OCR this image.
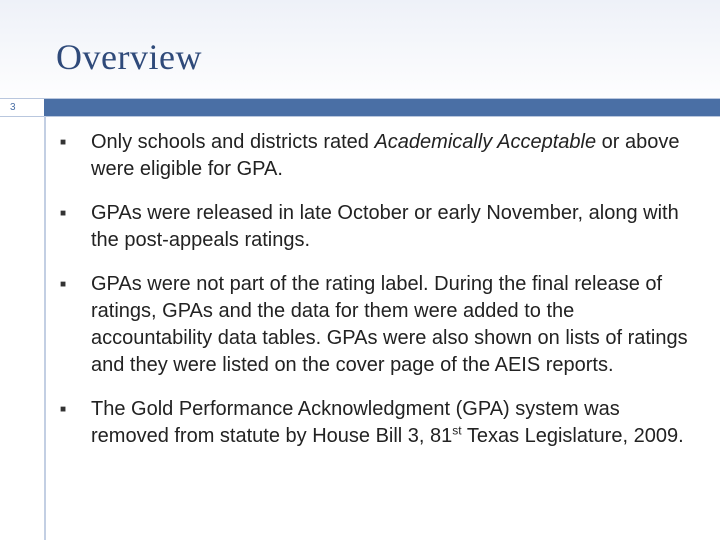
Overview
3
■
Only schools and districts rated Academically Acceptable or above were eligible for GPA.
■
GPAs were released in late October or early November, along with the post-appeals ratings.
■
GPAs were not part of the rating label. During the final release of ratings, GPAs and the data for them were added to the accountability data tables. GPAs were also shown on lists of ratings and they were listed on the cover page of the AEIS reports.
■
The Gold Performance Acknowledgment (GPA) system was removed from statute by House Bill 3, 81st Texas Legislature, 2009.
